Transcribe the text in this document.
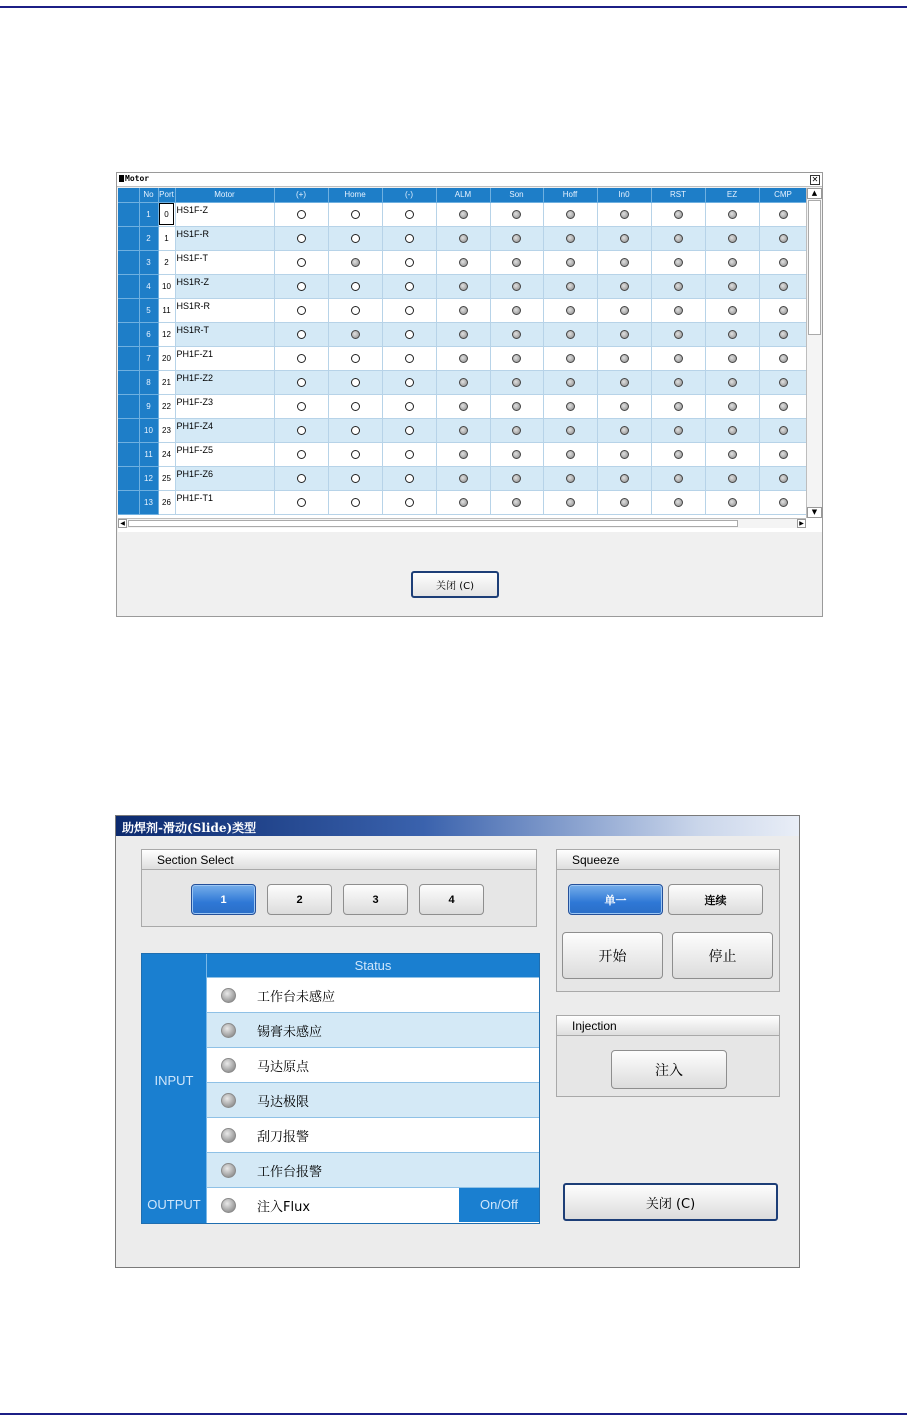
Motor	✕
	No	Port	Motor	(+)	Home	(-)	ALM	Son	Hoff	In0	RST	EZ	CMP

	1	0	HS1F-Z										
	2	1	HS1F-R										
	3	2	HS1F-T										
	4	10	HS1R-Z										
	5	11	HS1R-R										
	6	12	HS1R-T										
	7	20	PH1F-Z1										
	8	21	PH1F-Z2										
	9	22	PH1F-Z3										
	10	23	PH1F-Z4										
	11	24	PH1F-Z5										
	12	25	PH1F-Z6										
	13	26	PH1F-T1										
▲
▼
◀	▶
关闭 (C)
助焊剂-滑动(Slide)类型
Section Select
1	2	3	4
Squeeze
单一	连续
开始	停止
Injection
注入
Status
INPUT
OUTPUT
工作台未感应
锡膏未感应
马达原点
马达极限
刮刀报警
工作台报警
注入Flux	On/Off	关闭 (C)
